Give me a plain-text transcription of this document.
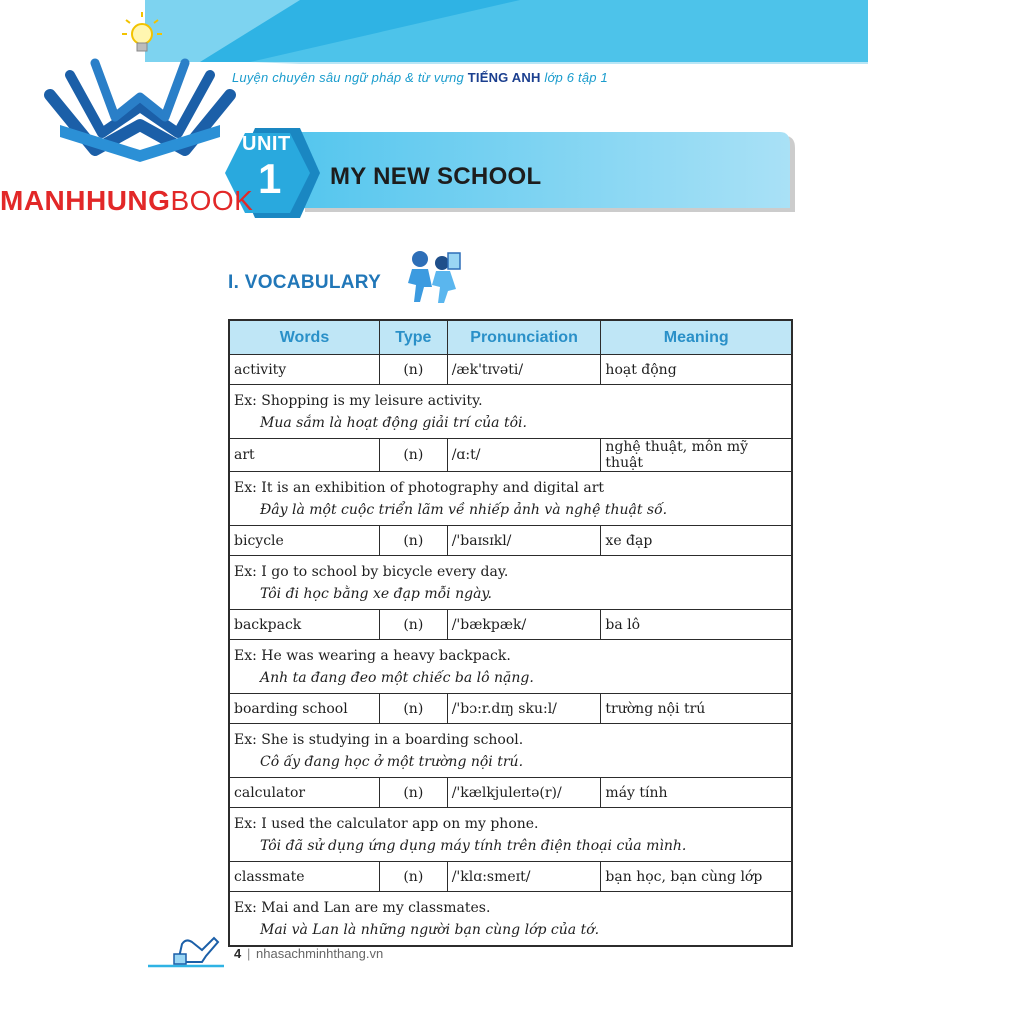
Luyện chuyên sâu ngữ pháp & từ vựng TIẾNG ANH lớp 6 tập 1
UNIT
1 MY NEW SCHOOL
MANHHUNGBOOK
I. VOCABULARY
Words	Type	Pronunciation	Meaning
activity	(n)	/æk'tɪvəti/	hoạt động

Ex: Shopping is my leisure activity.
Mua sắm là hoạt động giải trí của tôi.			

art	(n)	/ɑ:t/	nghệ thuật, môn mỹ thuật

Ex: It is an exhibition of photography and digital art
Đây là một cuộc triển lãm về nhiếp ảnh và nghệ thuật số.			

bicycle	(n)	/'baɪsɪkl/	xe đạp

Ex: I go to school by bicycle every day.
Tôi đi học bằng xe đạp mỗi ngày.			

backpack	(n)	/'bækpæk/	ba lô

Ex: He was wearing a heavy backpack.
Anh ta đang đeo một chiếc ba lô nặng.			

boarding school	(n)	/'bɔ:r.dɪŋ sku:l/	trường nội trú

Ex: She is studying in a boarding school.
Cô ấy đang học ở một trường nội trú.			

calculator	(n)	/'kælkjuleɪtə(r)/	máy tính

Ex: I used the calculator app on my phone.
Tôi đã sử dụng ứng dụng máy tính trên điện thoại của mình.			

classmate	(n)	/'klɑ:smeɪt/	bạn học, bạn cùng lớp

Ex: Mai and Lan are my classmates.
Mai và Lan là những người bạn cùng lớp của tớ.			
4 | nhasachminhthang.vn
